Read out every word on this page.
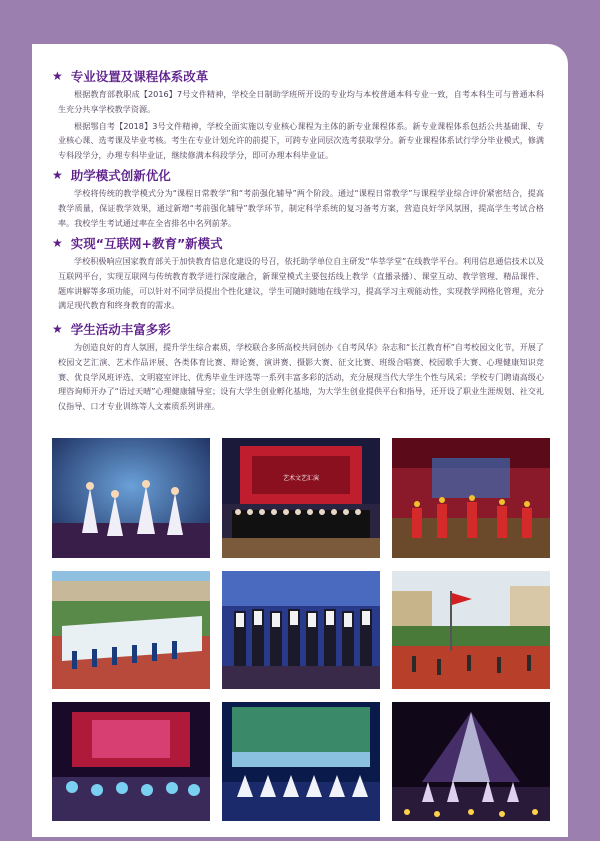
★ 专业设置及课程体系改革

根据教育部教职成【2016】7号文件精神，学校全日制助学班所开设的专业均与本校普通本科专业一致，自考本科生可与普通本科生充分共享学校教学资源。

根据鄂自考【2018】3号文件精神，学校全面实施以专业核心课程为主体的新专业课程体系。新专业课程体系包括公共基础课、专业核心课、选考课及毕业考核。考生在专业计划允许的前提下，可跨专业同层次选考获取学分。新专业课程体系试行学分毕业模式，修满专科段学分，办理专科毕业证，继续修满本科段学分，即可办理本科毕业证。

★ 助学模式创新优化

学校将传统的教学模式分为“课程日常教学”和“考前强化辅导”两个阶段。通过“课程日常教学”与课程学业综合评价紧密结合，提高教学质量，保证教学效果，通过新增“考前强化辅导”教学环节，制定科学系统的复习备考方案，营造良好学风氛围，提高学生考试合格率。我校学生考试通过率在全省排名中名列前茅。

★ 实现“互联网+教育”新模式

学校积极响应国家教育部关于加快教育信息化建设的号召，依托助学单位自主研发“华莘学堂”在线教学平台。利用信息通信技术以及互联网平台，实现互联网与传统教育教学进行深度融合，新课堂模式主要包括线上教学（直播录播）、课堂互动、教学管理、精品课件、题库讲解等多项功能，可以针对不同学员提出个性化建议，学生可随时随地在线学习，提高学习主观能动性，实现教学网格化管理，充分满足现代教育和终身教育的需求。

★ 学生活动丰富多彩

为创造良好的育人氛围，提升学生综合素质，学校联合多所高校共同创办《自考风华》杂志和“长江教育杯”自考校园文化节，开展了校园文艺汇演、艺术作品评展、各类体育比赛、辩论赛、演讲赛、摄影大赛、征文比赛、班级合唱赛、校园歌手大赛、心理健康知识竞赛、优良学风班评选、文明寝室评比、优秀毕业生评选等一系列丰富多彩的活动，充分展现当代大学生个性与风采；学校专门聘请高级心理咨询师开办了“语过天晴”心理健康辅导室；设有大学生创业孵化基地，为大学生创业提供平台和指导，还开设了职业生涯规划、社交礼仪指导、口才专业训练等人文素质系列讲座。

艺术文艺汇演
